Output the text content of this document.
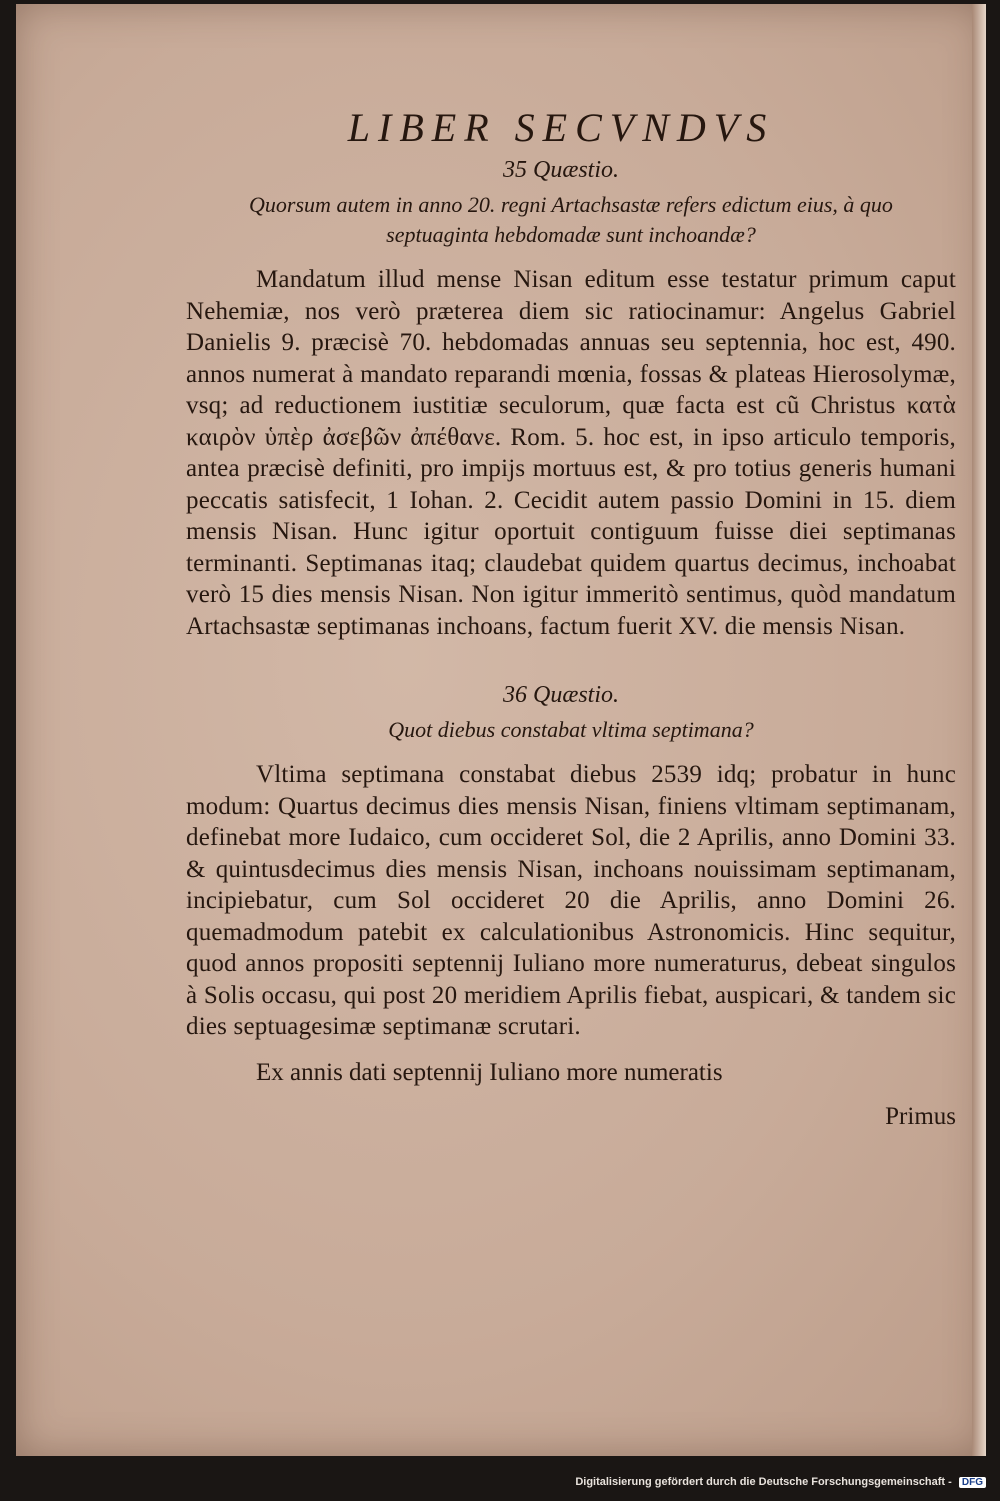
LIBER SECVNDVS
35 Quæstio.
Quorsum autem in anno 20. regni Artachsastæ refers edictum eius, à quo septuaginta hebdomadæ sunt inchoandæ?

Mandatum illud mense Nisan editum esse testatur primum caput Nehemiæ, nos verò præterea diem sic ratiocinamur: Angelus Gabriel Danielis 9. præcisè 70. hebdomadas annuas seu septennia, hoc est, 490. annos numerat à mandato reparandi mœnia, fossas & plateas Hierosolymæ, vsq; ad reductionem iustitiæ seculorum, quæ facta est cũ Christus κατὰ καιρὸν ὑπὲρ ἀσεβῶν ἀπέθανε. Rom. 5. hoc est, in ipso articulo temporis, antea præcisè definiti, pro impijs mortuus est, & pro totius generis humani peccatis satisfecit, 1 Iohan. 2. Cecidit autem passio Domini in 15. diem mensis Nisan. Hunc igitur oportuit contiguum fuisse diei septimanas terminanti. Septimanas itaq; claudebat quidem quartus decimus, inchoabat verò 15 dies mensis Nisan. Non igitur immeritò sentimus, quòd mandatum Artachsastæ septimanas inchoans, factum fuerit XV. die mensis Nisan.

36 Quæstio.
Quot diebus constabat vltima septimana?

Vltima septimana constabat diebus 2539 idq; probatur in hunc modum: Quartus decimus dies mensis Nisan, finiens vltimam septimanam, definebat more Iudaico, cum occideret Sol, die 2 Aprilis, anno Domini 33. & quintusdecimus dies mensis Nisan, inchoans nouissimam septimanam, incipiebatur, cum Sol occideret 20 die Aprilis, anno Domini 26. quemadmodum patebit ex calculationibus Astronomicis. Hinc sequitur, quod annos propositi septennij Iuliano more numeraturus, debeat singulos à Solis occasu, qui post 20 meridiem Aprilis fiebat, auspicari, & tandem sic dies septuagesimæ septimanæ scrutari.

Ex annis dati septennij Iuliano more numeratis

Primus
Digitalisierung gefördert durch die Deutsche Forschungsgemeinschaft - DFG
